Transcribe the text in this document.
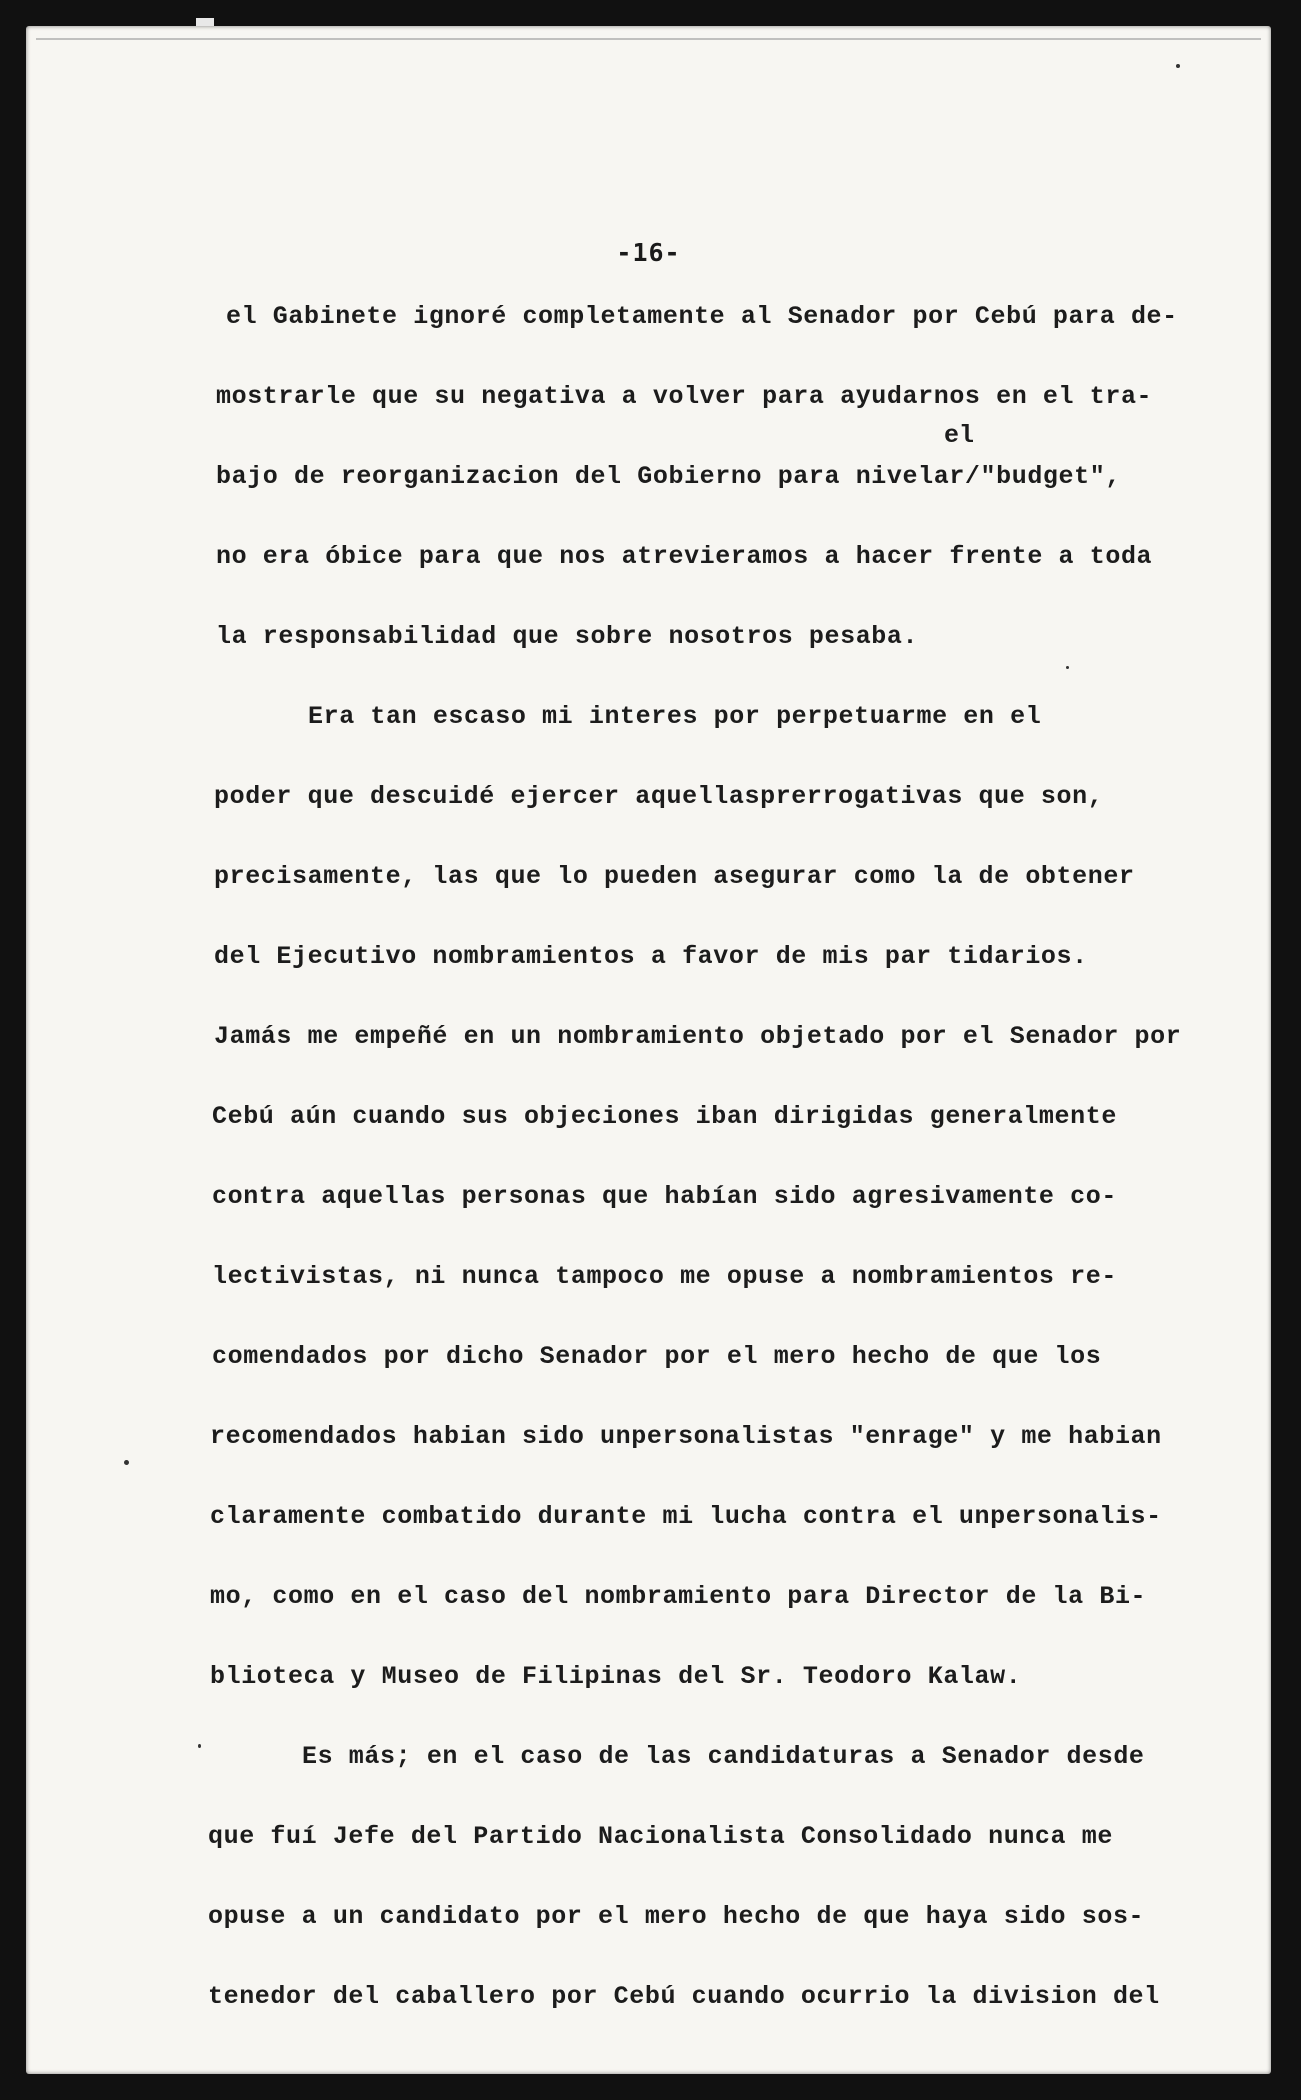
-16-
el
el Gabinete ignoré completamente al Senador por Cebú para de-
mostrarle que su negativa a volver para ayudarnos en el tra-
bajo de reorganizacion del Gobierno para nivelar/"budget",
no era óbice para que nos atrevieramos a hacer frente a toda
la responsabilidad que sobre nosotros pesaba.
Era tan escaso mi interes por perpetuarme en el
poder que descuidé ejercer aquellasprerrogativas que son,
precisamente, las que lo pueden asegurar como la de obtener
del Ejecutivo nombramientos a favor de mis par tidarios.
Jamás me empeñé en un nombramiento objetado por el Senador por
Cebú aún cuando sus objeciones iban dirigidas generalmente
contra aquellas personas que habían sido agresivamente co-
lectivistas, ni nunca tampoco me opuse a nombramientos re-
comendados por dicho Senador por el mero hecho de que los
recomendados habian sido unpersonalistas "enrage" y me habian
claramente combatido durante mi lucha contra el unpersonalis-
mo, como en el caso del nombramiento para Director de la Bi-
blioteca y Museo de Filipinas del Sr. Teodoro Kalaw.
Es más; en el caso de las candidaturas a Senador desde
que fuí Jefe del Partido Nacionalista Consolidado nunca me
opuse a un candidato por el mero hecho de que haya sido sos-
tenedor del caballero por Cebú cuando ocurrio la division del
